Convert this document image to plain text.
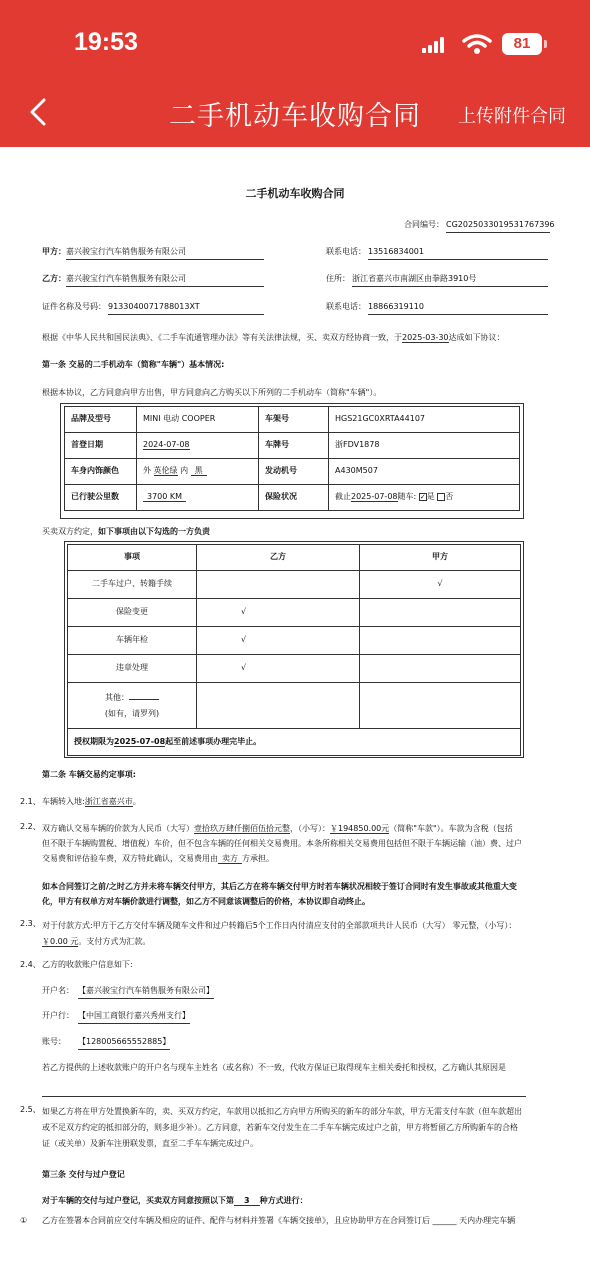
19:53	81
二手机动车收购合同	上传附件合同
二手机动车收购合同
合同编号： CG2025033019531767396
甲方： 嘉兴骏宝行汽车销售服务有限公司	联系电话： 13516834001
乙方： 嘉兴骏宝行汽车销售服务有限公司	住所： 浙江省嘉兴市南湖区由拳路3910号
证件名称及号码： 9133040071788013XT	联系电话： 18866319110
根据《中华人民共和国民法典》、《二手车流通管理办法》等有关法律法规，买、卖双方经协商一致，于2025-03-30达成如下协议：
第一条 交易的二手机动车（简称"车辆"）基本情况:
根据本协议，乙方同意向甲方出售，甲方同意向乙方购买以下所列的二手机动车（简称"车辆"）。
品牌及型号	MINI 电动 COOPER	车架号	HGS21GC0XRTA44107
首登日期	2024-07-08	车牌号	浙FDV1878
车身内饰颜色	外 英伦绿 内 黑	发动机号	A430M507
已行驶公里数	3700 KM	保险状况	截止2025-07-08随车: ✓是 否
买卖双方约定，如下事项由以下勾选的一方负责
事项	乙方	甲方
二手车过户、转籍手续		√
保险变更	√	
车辆年检	√	
违章处理	√	
其他：
(如有，请罗列)		
授权期限为2025-07-08起至前述事项办理完毕止。		
第二条 车辆交易约定事项:
2.1、 车辆转入地:浙江省嘉兴市。
2.2、 双方确认交易车辆的价款为人民币（大写）壹拾玖万肆仟捌佰伍拾元整，（小写）：￥194850.00元（简称"车款"）。车款为含税（包括
但不限于车辆购置税、增值税）车价，但不包含车辆的任何相关交易费用。本条所称相关交易费用包括但不限于车辆运输（油）费、过户
交易费和评估验车费，双方特此确认，交易费用由 卖方 方承担。
如本合同签订之前/之时乙方并未将车辆交付甲方，其后乙方在将车辆交付甲方时若车辆状况相较于签订合同时有发生事故或其他重大变
化，甲方有权单方对车辆价款进行调整，如乙方不同意该调整后的价格，本协议即自动终止。
2.3、 对于付款方式:甲方于乙方交付车辆及随车文件和过户转籍后5个工作日内付清应支付的全部款项共计人民币（大写） 零元整，（小写）：
￥0.00 元。支付方式为汇款。
2.4、 乙方的收款账户信息如下:
开户名： 【嘉兴骏宝行汽车销售服务有限公司】
开户行： 【中国工商银行嘉兴秀州支行】
账号： 【128005665552885】
若乙方提供的上述收款账户的开户名与现车主姓名（或名称）不一致，代收方保证已取得现车主相关委托和授权，乙方确认其原因是
2.5、 如果乙方将在甲方处置换新车的，卖、买双方约定，车款用以抵扣乙方向甲方所购买的新车的部分车款，甲方无需支付车款（但车款超出
或不足双方约定的抵扣部分的，则多退少补）。乙方同意，若新车交付发生在二手车车辆完成过户之前，甲方将暂留乙方所购新车的合格
证（或关单）及新车注册联发票，直至二手车车辆完成过户。
第三条 交付与过户登记
对于车辆的交付与过户登记，买卖双方同意按照以下第 3 种方式进行：
① 乙方在签署本合同前应交付车辆及相应的证件、配件与材料并签署《车辆交接单》，且应协助甲方在合同签订后 ______ 天内办理完车辆
